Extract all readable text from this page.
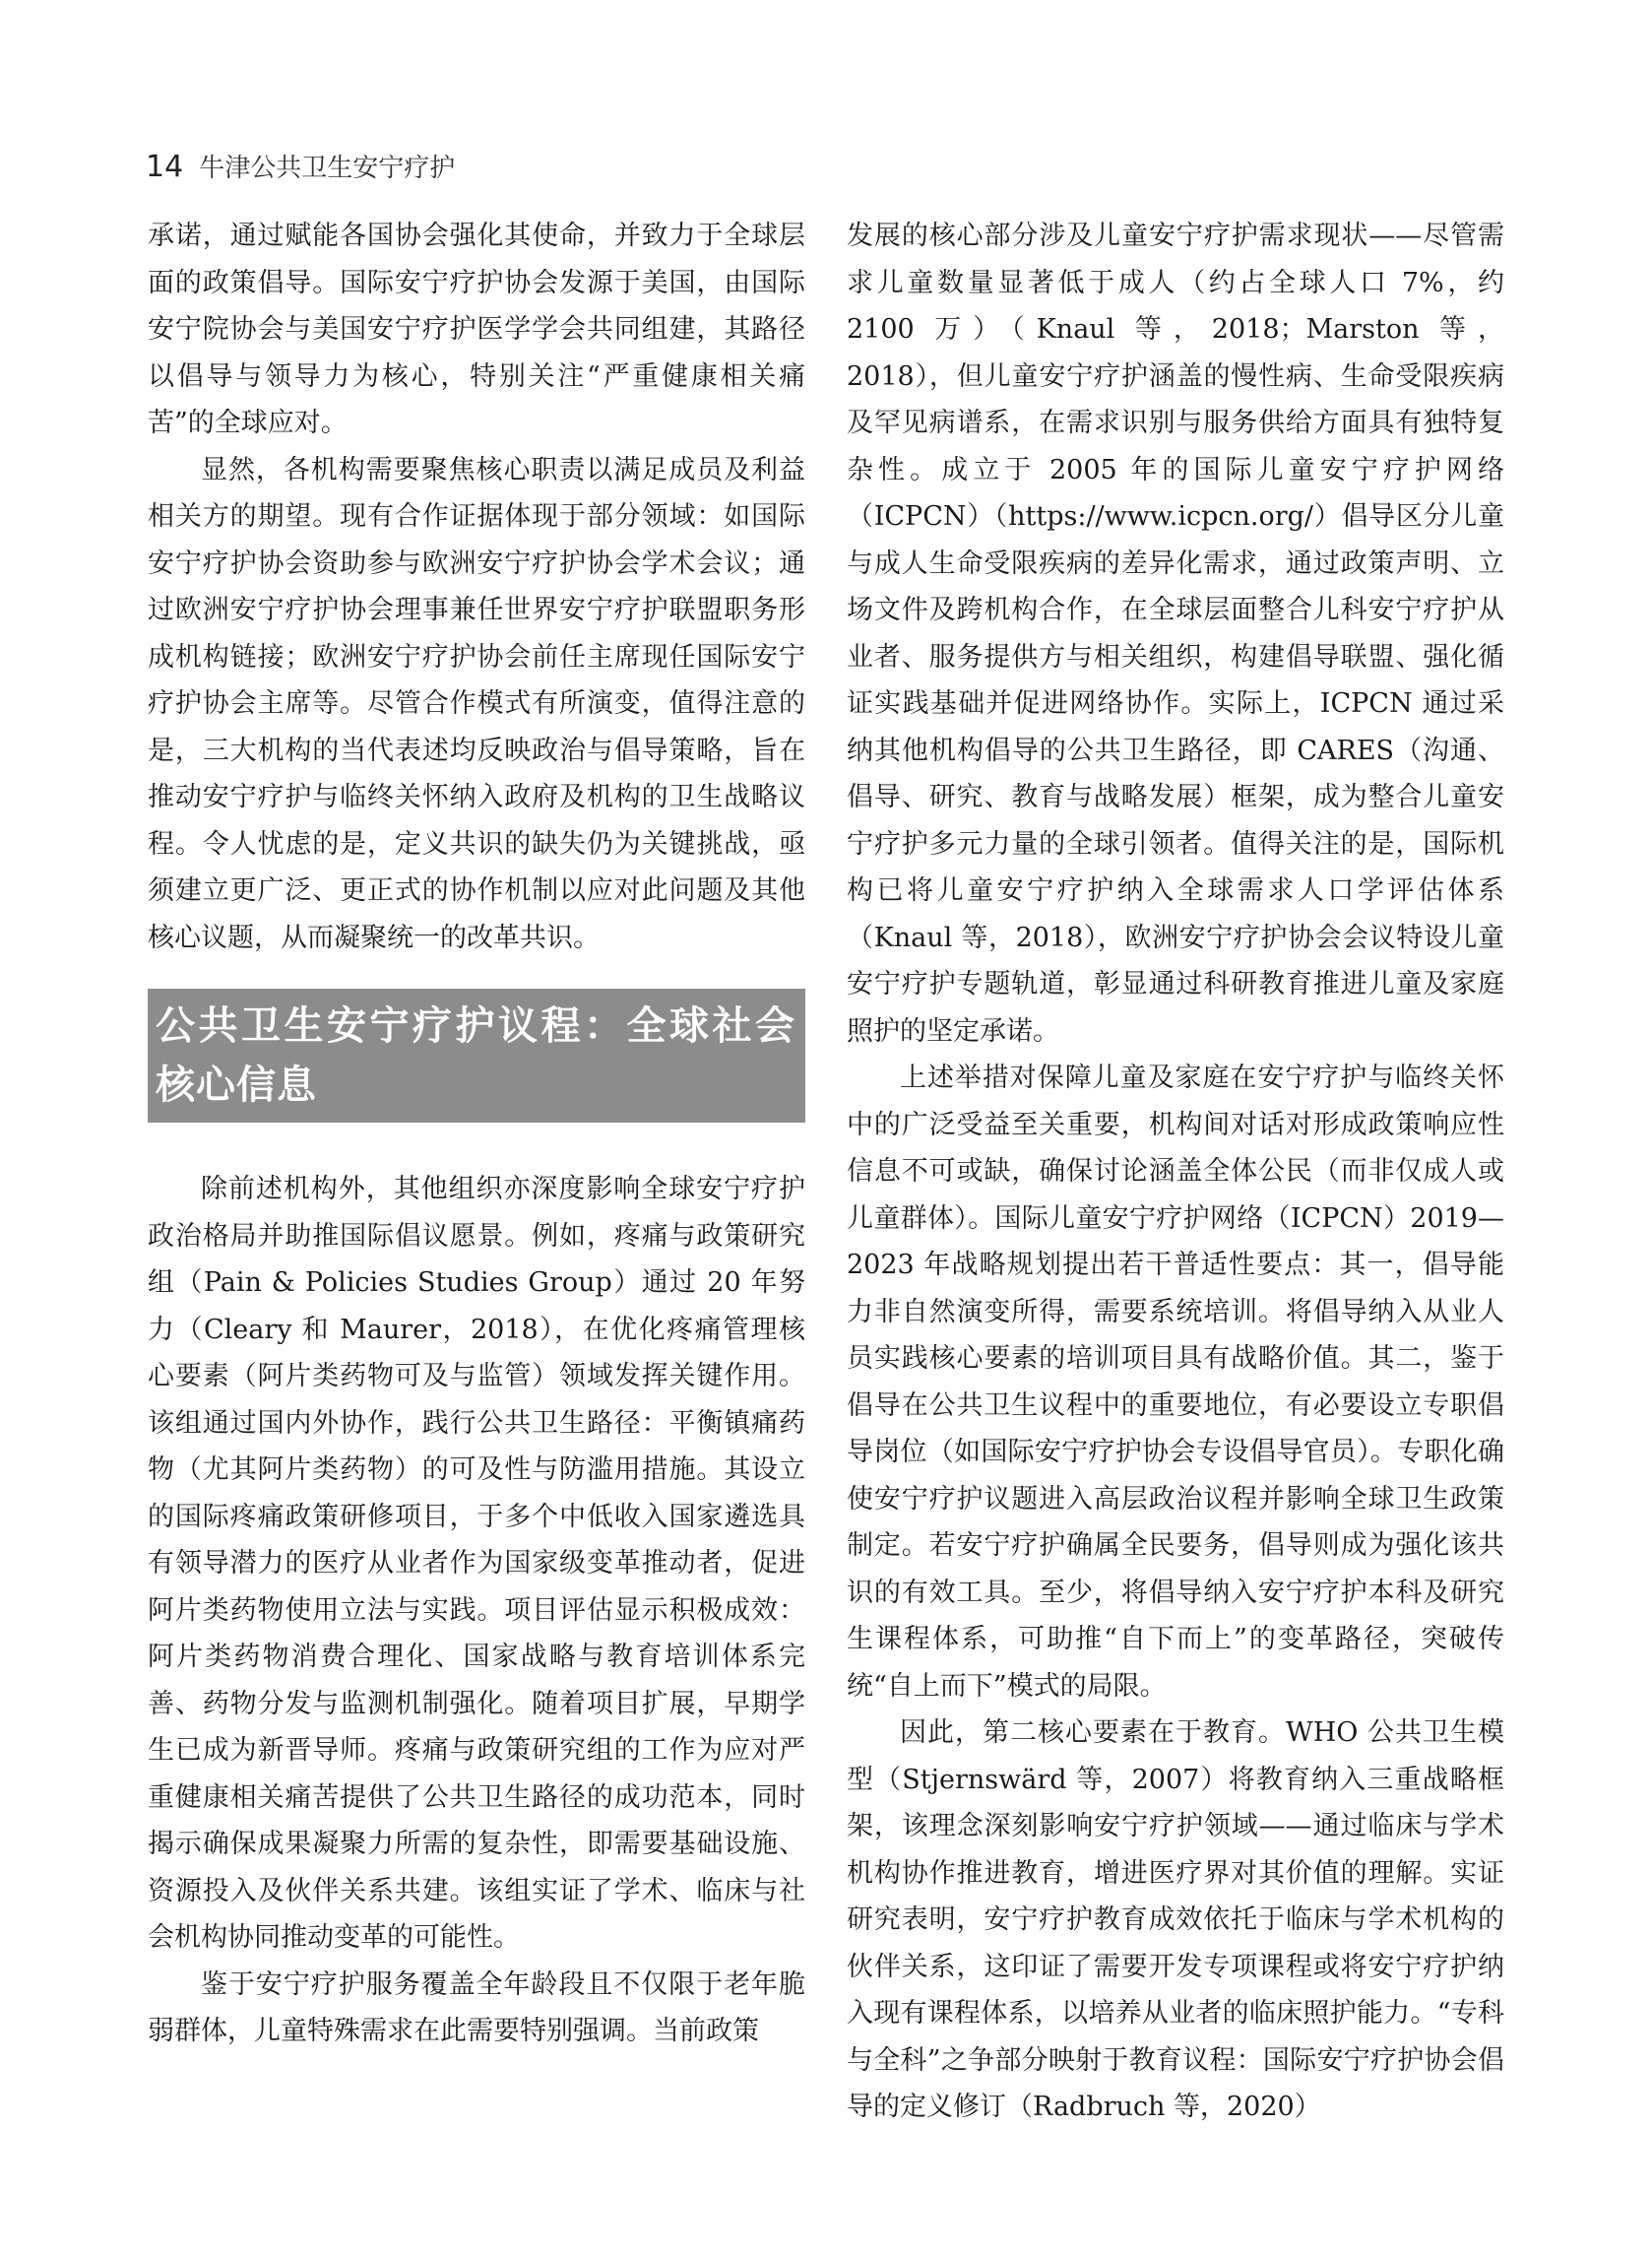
14 牛津公共卫生安宁疗护

承诺，通过赋能各国协会强化其使命，并致力于全球层面的政策倡导。国际安宁疗护协会发源于美国，由国际安宁院协会与美国安宁疗护医学学会共同组建，其路径以倡导与领导力为核心，特别关注“严重健康相关痛苦”的全球应对。

显然，各机构需要聚焦核心职责以满足成员及利益相关方的期望。现有合作证据体现于部分领域：如国际安宁疗护协会资助参与欧洲安宁疗护协会学术会议；通过欧洲安宁疗护协会理事兼任世界安宁疗护联盟职务形成机构链接；欧洲安宁疗护协会前任主席现任国际安宁疗护协会主席等。尽管合作模式有所演变，值得注意的是，三大机构的当代表述均反映政治与倡导策略，旨在推动安宁疗护与临终关怀纳入政府及机构的卫生战略议程。令人忧虑的是，定义共识的缺失仍为关键挑战，亟须建立更广泛、更正式的协作机制以应对此问题及其他核心议题，从而凝聚统一的改革共识。

公共卫生安宁疗护议程：全球社会核心信息

除前述机构外，其他组织亦深度影响全球安宁疗护政治格局并助推国际倡议愿景。例如，疼痛与政策研究组（Pain & Policies Studies Group）通过 20 年努力（Cleary 和 Maurer，2018），在优化疼痛管理核心要素（阿片类药物可及与监管）领域发挥关键作用。该组通过国内外协作，践行公共卫生路径：平衡镇痛药物（尤其阿片类药物）的可及性与防滥用措施。其设立的国际疼痛政策研修项目，于多个中低收入国家遴选具有领导潜力的医疗从业者作为国家级变革推动者，促进阿片类药物使用立法与实践。项目评估显示积极成效：阿片类药物消费合理化、国家战略与教育培训体系完善、药物分发与监测机制强化。随着项目扩展，早期学生已成为新晋导师。疼痛与政策研究组的工作为应对严重健康相关痛苦提供了公共卫生路径的成功范本，同时揭示确保成果凝聚力所需的复杂性，即需要基础设施、资源投入及伙伴关系共建。该组实证了学术、临床与社会机构协同推动变革的可能性。

鉴于安宁疗护服务覆盖全年龄段且不仅限于老年脆弱群体，儿童特殊需求在此需要特别强调。当前政策

发展的核心部分涉及儿童安宁疗护需求现状——尽管需求儿童数量显著低于成人（约占全球人口 7%，约 2100 万）（Knaul 等，2018；Marston 等，2018），但儿童安宁疗护涵盖的慢性病、生命受限疾病及罕见病谱系，在需求识别与服务供给方面具有独特复杂性。成立于 2005 年的国际儿童安宁疗护网络（ICPCN）（https://www.icpcn.org/）倡导区分儿童与成人生命受限疾病的差异化需求，通过政策声明、立场文件及跨机构合作，在全球层面整合儿科安宁疗护从业者、服务提供方与相关组织，构建倡导联盟、强化循证实践基础并促进网络协作。实际上，ICPCN 通过采纳其他机构倡导的公共卫生路径，即 CARES（沟通、倡导、研究、教育与战略发展）框架，成为整合儿童安宁疗护多元力量的全球引领者。值得关注的是，国际机构已将儿童安宁疗护纳入全球需求人口学评估体系（Knaul 等，2018），欧洲安宁疗护协会会议特设儿童安宁疗护专题轨道，彰显通过科研教育推进儿童及家庭照护的坚定承诺。

上述举措对保障儿童及家庭在安宁疗护与临终关怀中的广泛受益至关重要，机构间对话对形成政策响应性信息不可或缺，确保讨论涵盖全体公民（而非仅成人或儿童群体）。国际儿童安宁疗护网络（ICPCN）2019—2023 年战略规划提出若干普适性要点：其一，倡导能力非自然演变所得，需要系统培训。将倡导纳入从业人员实践核心要素的培训项目具有战略价值。其二，鉴于倡导在公共卫生议程中的重要地位，有必要设立专职倡导岗位（如国际安宁疗护协会专设倡导官员）。专职化确使安宁疗护议题进入高层政治议程并影响全球卫生政策制定。若安宁疗护确属全民要务，倡导则成为强化该共识的有效工具。至少，将倡导纳入安宁疗护本科及研究生课程体系，可助推“自下而上”的变革路径，突破传统“自上而下”模式的局限。

因此，第二核心要素在于教育。WHO 公共卫生模型（Stjernswärd 等，2007）将教育纳入三重战略框架，该理念深刻影响安宁疗护领域——通过临床与学术机构协作推进教育，增进医疗界对其价值的理解。实证研究表明，安宁疗护教育成效依托于临床与学术机构的伙伴关系，这印证了需要开发专项课程或将安宁疗护纳入现有课程体系，以培养从业者的临床照护能力。“专科与全科”之争部分映射于教育议程：国际安宁疗护协会倡导的定义修订（Radbruch 等，2020）
